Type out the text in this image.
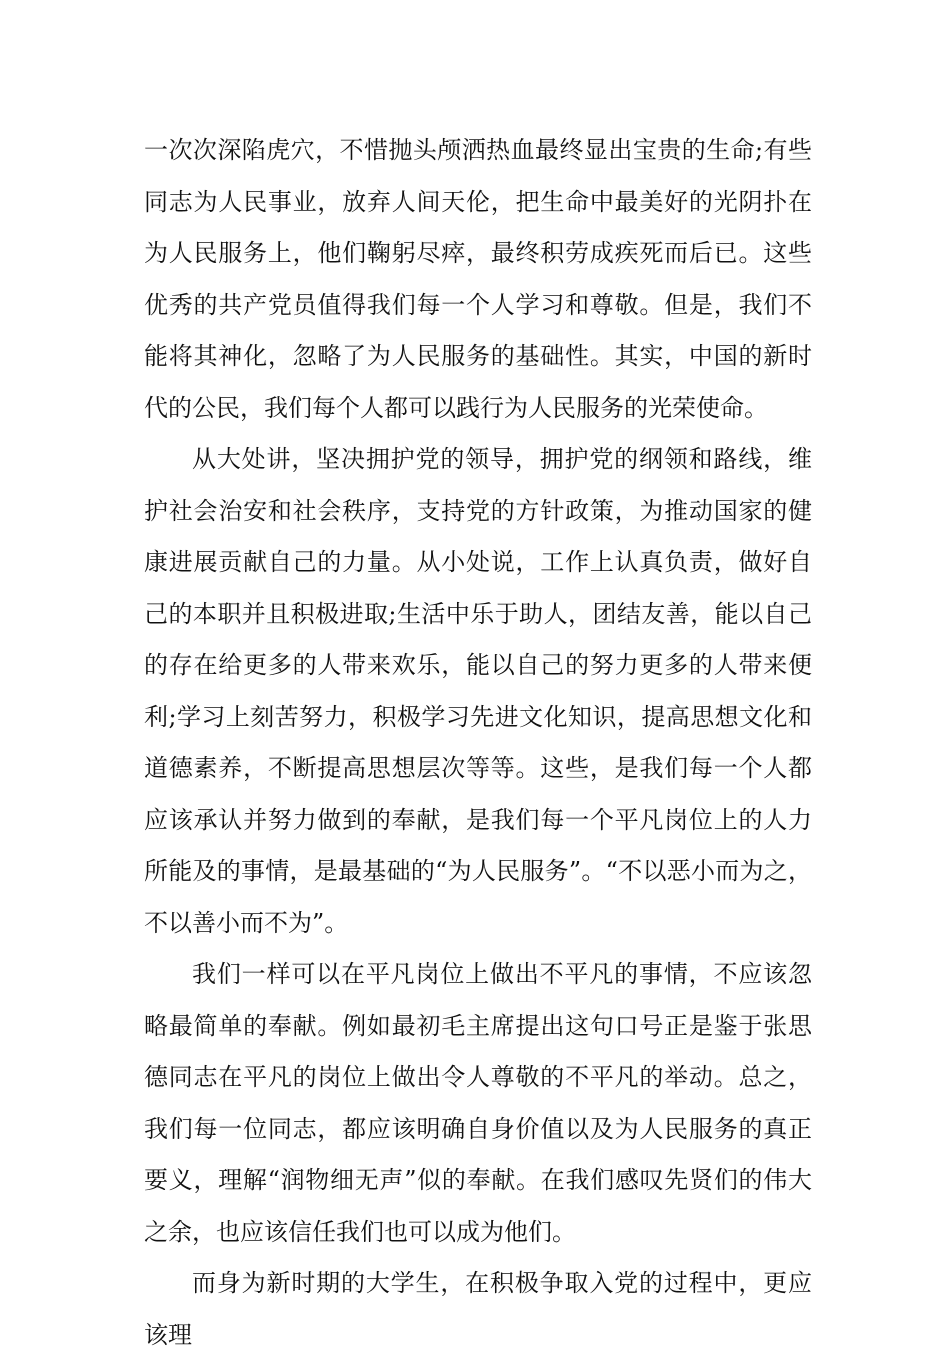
一次次深陷虎穴，不惜抛头颅洒热血最终显出宝贵的生命;有些同志为人民事业，放弃人间天伦，把生命中最美好的光阴扑在为人民服务上，他们鞠躬尽瘁，最终积劳成疾死而后已。这些优秀的共产党员值得我们每一个人学习和尊敬。但是，我们不能将其神化，忽略了为人民服务的基础性。其实，中国的新时代的公民，我们每个人都可以践行为人民服务的光荣使命。

从大处讲，坚决拥护党的领导，拥护党的纲领和路线，维护社会治安和社会秩序，支持党的方针政策，为推动国家的健康进展贡献自己的力量。从小处说，工作上认真负责，做好自己的本职并且积极进取;生活中乐于助人，团结友善，能以自己的存在给更多的人带来欢乐，能以自己的努力更多的人带来便利;学习上刻苦努力，积极学习先进文化知识，提高思想文化和道德素养，不断提高思想层次等等。这些，是我们每一个人都应该承认并努力做到的奉献，是我们每一个平凡岗位上的人力所能及的事情，是最基础的“为人民服务”。“不以恶小而为之，不以善小而不为”。

我们一样可以在平凡岗位上做出不平凡的事情，不应该忽略最简单的奉献。例如最初毛主席提出这句口号正是鉴于张思德同志在平凡的岗位上做出令人尊敬的不平凡的举动。总之，我们每一位同志，都应该明确自身价值以及为人民服务的真正要义，理解“润物细无声”似的奉献。在我们感叹先贤们的伟大之余，也应该信任我们也可以成为他们。

而身为新时期的大学生，在积极争取入党的过程中，更应该理
